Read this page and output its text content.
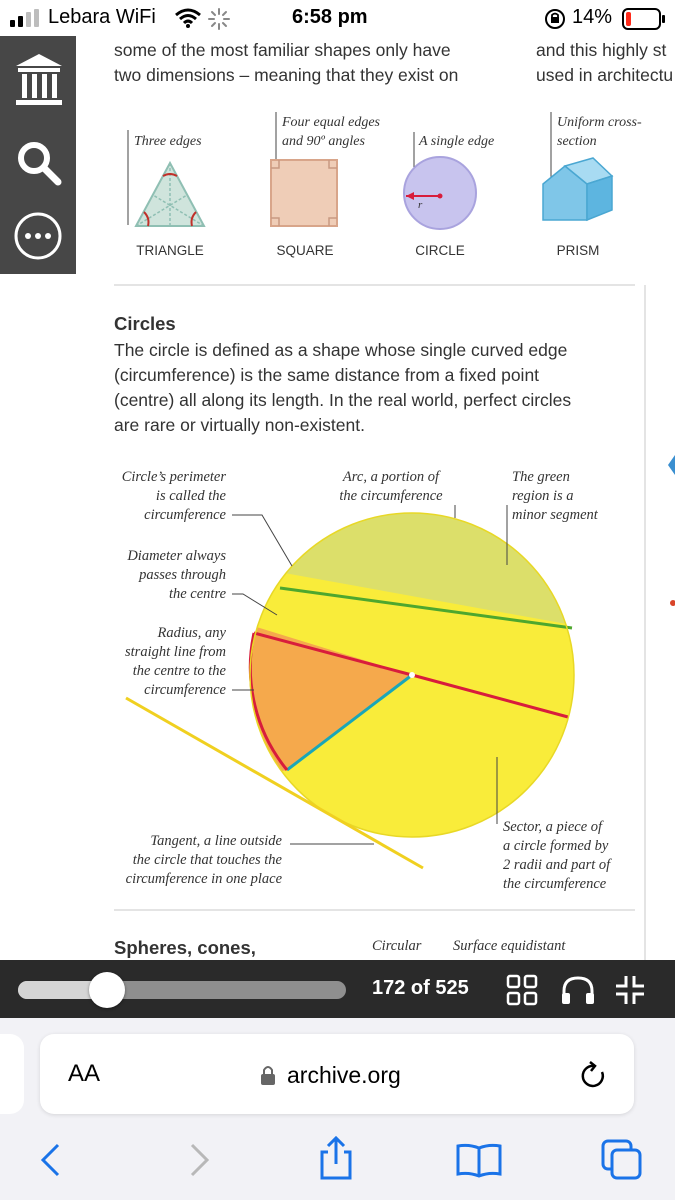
Lebara WiFi	6:58 pm	14%
some of the most familiar shapes only have
two dimensions – meaning that they exist on
and this highly st
used in architectu
Three edges
Four equal edges
and 90º angles	A single edge
Uniform cross-
section
r
TRIANGLE	SQUARE	CIRCLE	PRISM
Circles
The circle is defined as a shape whose single curved edge
(circumference) is the same distance from a fixed point
(centre) all along its length. In the real world, perfect circles
are rare or virtually non-existent.
Circle’s perimeter
is called the
circumference
Arc, a portion of
the circumference
The green
region is a
minor segment
Diameter always
passes through
the centre
Radius, any
straight line from
the centre to the
circumference
Tangent, a line outside
the circle that touches the
circumference in one place
Sector, a piece of
a circle formed by
2 radii and part of
the circumference
Spheres, cones,	Circular Surface equidistant
172 of 525
AA	archive.org
